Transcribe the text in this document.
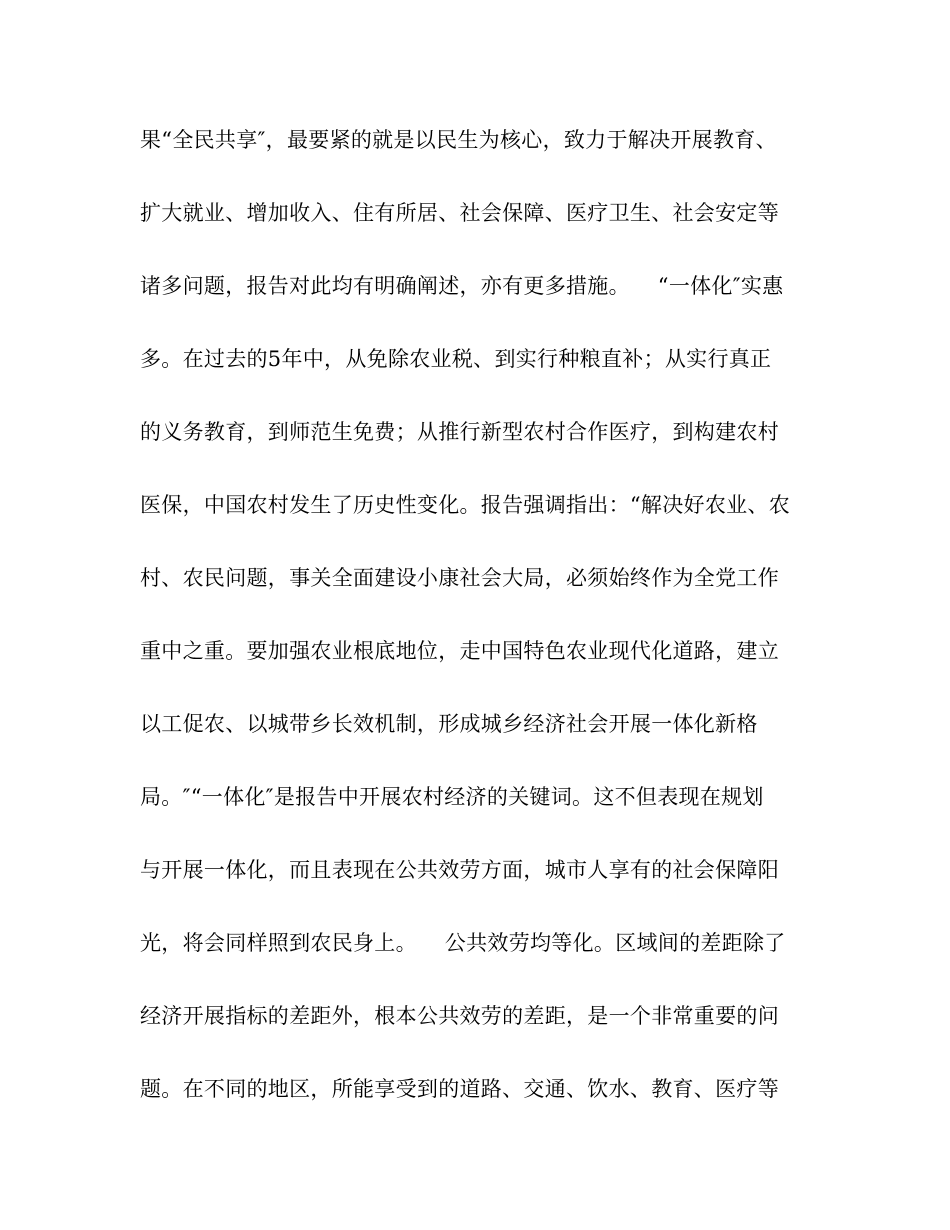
果“全民共享″，最要紧的就是以民生为核心，致力于解决开展教育、
扩大就业、增加收入、住有所居、社会保障、医疗卫生、社会安定等
诸多问题，报告对此均有明确阐述，亦有更多措施。    “一体化″实惠
多。在过去的5年中，从免除农业税、到实行种粮直补；从实行真正
的义务教育，到师范生免费；从推行新型农村合作医疗，到构建农村
医保，中国农村发生了历史性变化。报告强调指出：“解决好农业、农
村、农民问题，事关全面建设小康社会大局，必须始终作为全党工作
重中之重。要加强农业根底地位，走中国特色农业现代化道路，建立
以工促农、以城带乡长效机制，形成城乡经济社会开展一体化新格
局。″“一体化″是报告中开展农村经济的关键词。这不但表现在规划
与开展一体化，而且表现在公共效劳方面，城市人享有的社会保障阳
光，将会同样照到农民身上。    公共效劳均等化。区域间的差距除了
经济开展指标的差距外，根本公共效劳的差距，是一个非常重要的问
题。在不同的地区，所能享受到的道路、交通、饮水、教育、医疗等
